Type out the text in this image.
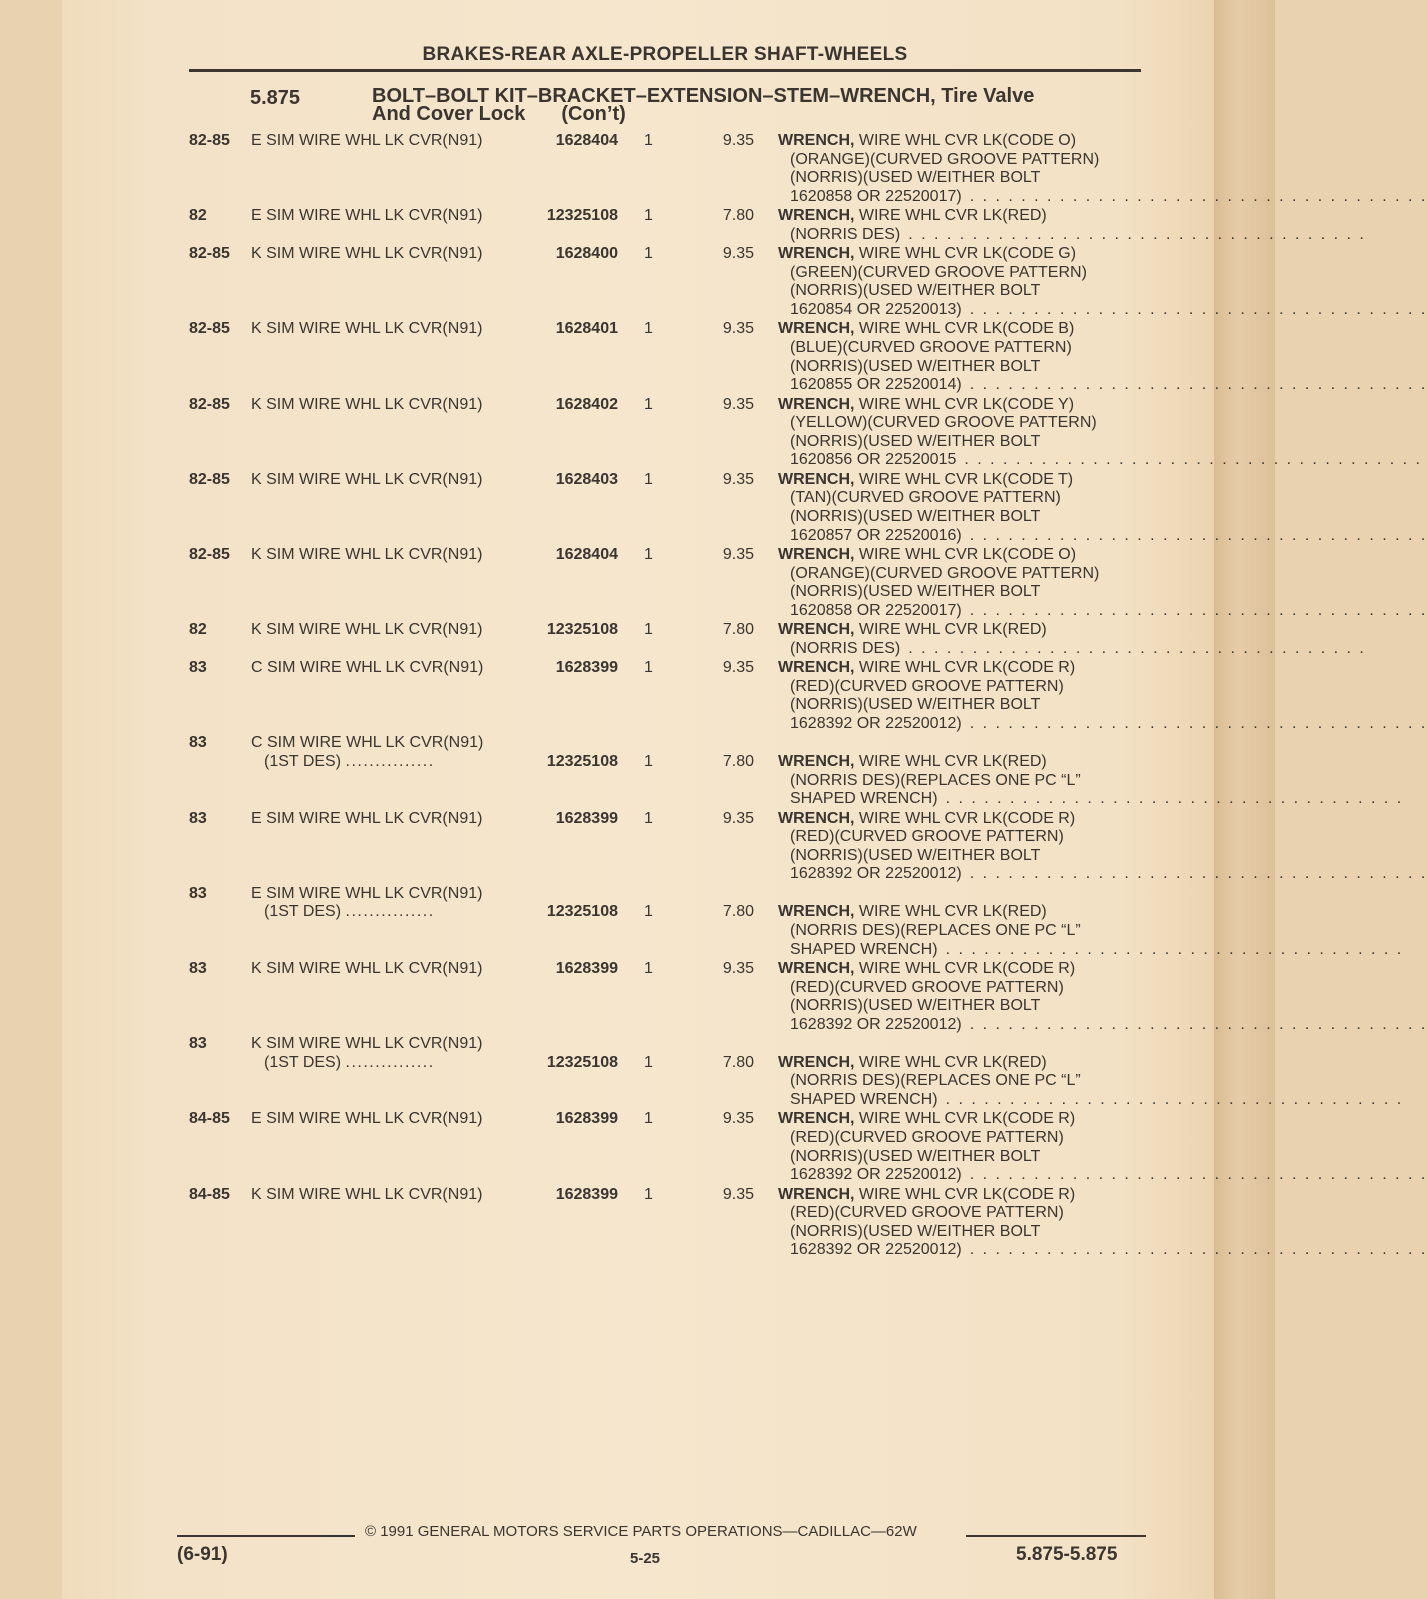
BRAKES-REAR AXLE-PROPELLER SHAFT-WHEELS
5.875	BOLT–BOLT KIT–BRACKET–EXTENSION–STEM–WRENCH, Tire Valve
And Cover Lock (Con’t)
82-85 E SIM WIRE WHL LK CVR(N91)	1628404 1	9.35 WRENCH, WIRE WHL CVR LK(CODE O)
(ORANGE)(CURVED GROOVE PATTERN)
(NORRIS)(USED W/EITHER BOLT
1620858 OR 22520017) . . . . . . . . . . . . . . . . . . . . . . . . . . . . . . . . . . . .
82	E SIM WIRE WHL LK CVR(N91)	12325108 1	7.80 WRENCH, WIRE WHL CVR LK(RED)
(NORRIS DES) . . . . . . . . . . . . . . . . . . . . . . . . . . . . . . . . . . . .
82-85 K SIM WIRE WHL LK CVR(N91)	1628400 1	9.35 WRENCH, WIRE WHL CVR LK(CODE G)
(GREEN)(CURVED GROOVE PATTERN)
(NORRIS)(USED W/EITHER BOLT
1620854 OR 22520013) . . . . . . . . . . . . . . . . . . . . . . . . . . . . . . . . . . . .
82-85 K SIM WIRE WHL LK CVR(N91)	1628401 1	9.35 WRENCH, WIRE WHL CVR LK(CODE B)
(BLUE)(CURVED GROOVE PATTERN)
(NORRIS)(USED W/EITHER BOLT
1620855 OR 22520014) . . . . . . . . . . . . . . . . . . . . . . . . . . . . . . . . . . . .
82-85 K SIM WIRE WHL LK CVR(N91)	1628402 1	9.35 WRENCH, WIRE WHL CVR LK(CODE Y)
(YELLOW)(CURVED GROOVE PATTERN)
(NORRIS)(USED W/EITHER BOLT
1620856 OR 22520015 . . . . . . . . . . . . . . . . . . . . . . . . . . . . . . . . . . . .
82-85 K SIM WIRE WHL LK CVR(N91)	1628403 1	9.35 WRENCH, WIRE WHL CVR LK(CODE T)
(TAN)(CURVED GROOVE PATTERN)
(NORRIS)(USED W/EITHER BOLT
1620857 OR 22520016) . . . . . . . . . . . . . . . . . . . . . . . . . . . . . . . . . . . .
82-85 K SIM WIRE WHL LK CVR(N91)	1628404 1	9.35 WRENCH, WIRE WHL CVR LK(CODE O)
(ORANGE)(CURVED GROOVE PATTERN)
(NORRIS)(USED W/EITHER BOLT
1620858 OR 22520017) . . . . . . . . . . . . . . . . . . . . . . . . . . . . . . . . . . . .
82	K SIM WIRE WHL LK CVR(N91)	12325108 1	7.80 WRENCH, WIRE WHL CVR LK(RED)
(NORRIS DES) . . . . . . . . . . . . . . . . . . . . . . . . . . . . . . . . . . . .
83	C SIM WIRE WHL LK CVR(N91)	1628399 1	9.35 WRENCH, WIRE WHL CVR LK(CODE R)
(RED)(CURVED GROOVE PATTERN)
(NORRIS)(USED W/EITHER BOLT
1628392 OR 22520012) . . . . . . . . . . . . . . . . . . . . . . . . . . . . . . . . . . . .
83	C SIM WIRE WHL LK CVR(N91)
(1ST DES) ...............	12325108 1	7.80 WRENCH, WIRE WHL CVR LK(RED)
(NORRIS DES)(REPLACES ONE PC “L”
SHAPED WRENCH) . . . . . . . . . . . . . . . . . . . . . . . . . . . . . . . . . . . .
83	E SIM WIRE WHL LK CVR(N91)	1628399 1	9.35 WRENCH, WIRE WHL CVR LK(CODE R)
(RED)(CURVED GROOVE PATTERN)
(NORRIS)(USED W/EITHER BOLT
1628392 OR 22520012) . . . . . . . . . . . . . . . . . . . . . . . . . . . . . . . . . . . .
83	E SIM WIRE WHL LK CVR(N91)
(1ST DES) ...............	12325108 1	7.80 WRENCH, WIRE WHL CVR LK(RED)
(NORRIS DES)(REPLACES ONE PC “L”
SHAPED WRENCH) . . . . . . . . . . . . . . . . . . . . . . . . . . . . . . . . . . . .
83	K SIM WIRE WHL LK CVR(N91)	1628399 1	9.35 WRENCH, WIRE WHL CVR LK(CODE R)
(RED)(CURVED GROOVE PATTERN)
(NORRIS)(USED W/EITHER BOLT
1628392 OR 22520012) . . . . . . . . . . . . . . . . . . . . . . . . . . . . . . . . . . . .
83	K SIM WIRE WHL LK CVR(N91)
(1ST DES) ...............	12325108 1	7.80 WRENCH, WIRE WHL CVR LK(RED)
(NORRIS DES)(REPLACES ONE PC “L”
SHAPED WRENCH) . . . . . . . . . . . . . . . . . . . . . . . . . . . . . . . . . . . .
84-85 E SIM WIRE WHL LK CVR(N91)	1628399 1	9.35 WRENCH, WIRE WHL CVR LK(CODE R)
(RED)(CURVED GROOVE PATTERN)
(NORRIS)(USED W/EITHER BOLT
1628392 OR 22520012) . . . . . . . . . . . . . . . . . . . . . . . . . . . . . . . . . . . .
84-85 K SIM WIRE WHL LK CVR(N91)	1628399 1	9.35 WRENCH, WIRE WHL CVR LK(CODE R)
(RED)(CURVED GROOVE PATTERN)
(NORRIS)(USED W/EITHER BOLT
1628392 OR 22520012) . . . . . . . . . . . . . . . . . . . . . . . . . . . . . . . . . . . .
© 1991 GENERAL MOTORS SERVICE PARTS OPERATIONS—CADILLAC—62W
(6-91)	5-25	5.875-5.875
